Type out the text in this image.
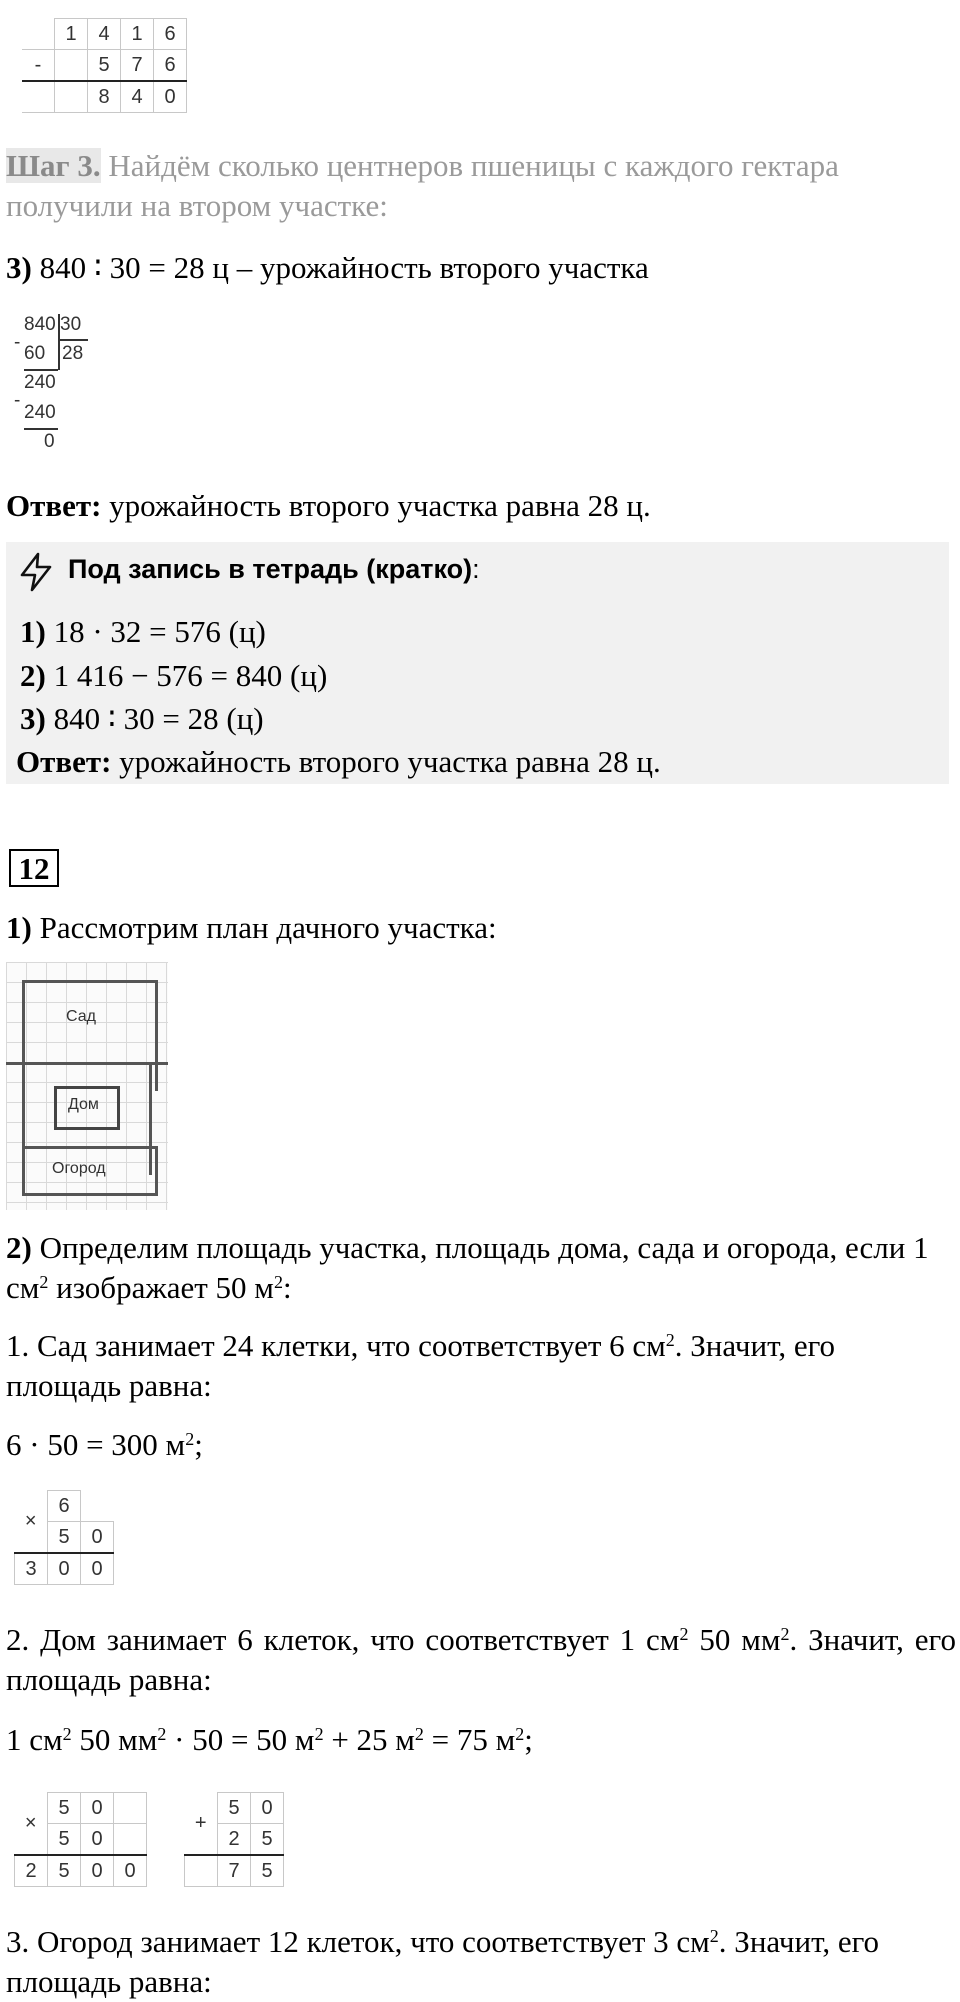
	1	4	1	6
-		5	7	6
		8	4	0
Шаг 3. Найдём сколько центнеров пшеницы с каждого гектара получили на втором участке:
3) 840 ∶ 30 = 28 ц – урожайность второго участка
840 30
28
-
60
240
-
240
0
Ответ: урожайность второго участка равна 28 ц.
Под запись в тетрадь (кратко):
1) 18 · 32 = 576 (ц)
2) 1 416 − 576 = 840 (ц)
3) 840 ∶ 30 = 28 (ц)
Ответ: урожайность второго участка равна 28 ц.
12
1) Рассмотрим план дачного участка:
Сад
Дом
Огород
2) Определим площадь участка, площадь дома, сада и огорода, если 1 $см^2$ изображает 50 $м^2$:
1. Сад занимает 24 клетки, что соответствует 6 $см^2$. Значит, его площадь равна:
6 · 50 = 300 $м^2$;
×	6	
	5	0
3	0	0
2. Дом занимает 6 клеток, что соответствует 1 $см^2$ 50 $мм^2$. Значит, его площадь равна:
1 $см^2$ 50 $мм^2 \cdot 50 = 50$ $м^2 + 25$ $м^2 = 75$ $м^2$;
×	5	0	
	5	0	
2	5	0	0
+	5	0
	2	5
	7	5
3. Огород занимает 12 клеток, что соответствует 3 $см^2$. Значит, его площадь равна:
